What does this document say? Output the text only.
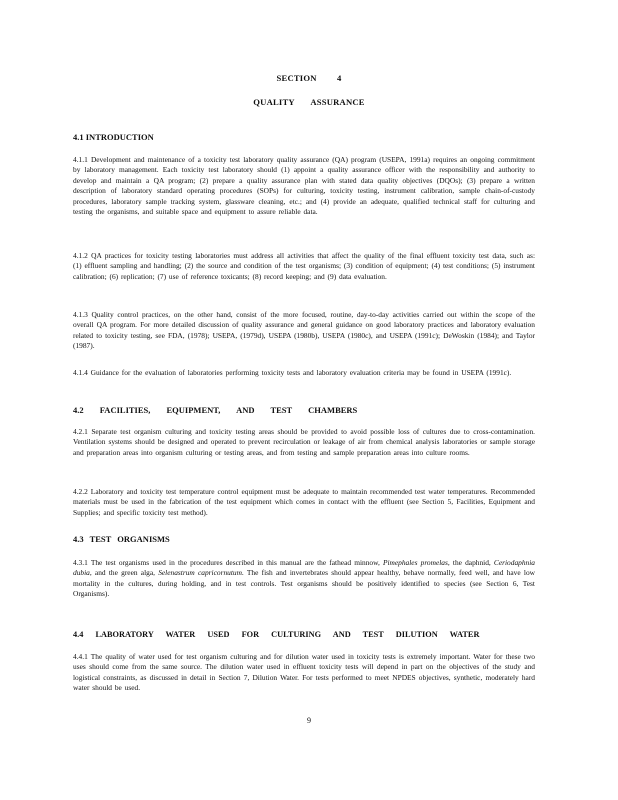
SECTION 4
QUALITY ASSURANCE
4.1 INTRODUCTION
4.1.1 Development and maintenance of a toxicity test laboratory quality assurance (QA) program (USEPA, 1991a) requires an ongoing commitment by laboratory management. Each toxicity test laboratory should (1) appoint a quality assurance officer with the responsibility and authority to develop and maintain a QA program; (2) prepare a quality assurance plan with stated data quality objectives (DQOs); (3) prepare a written description of laboratory standard operating procedures (SOPs) for culturing, toxicity testing, instrument calibration, sample chain-of-custody procedures, laboratory sample tracking system, glassware cleaning, etc.; and (4) provide an adequate, qualified technical staff for culturing and testing the organisms, and suitable space and equipment to assure reliable data.
4.1.2 QA practices for toxicity testing laboratories must address all activities that affect the quality of the final effluent toxicity test data, such as: (1) effluent sampling and handling; (2) the source and condition of the test organisms; (3) condition of equipment; (4) test conditions; (5) instrument calibration; (6) replication; (7) use of reference toxicants; (8) record keeping; and (9) data evaluation.
4.1.3 Quality control practices, on the other hand, consist of the more focused, routine, day-to-day activities carried out within the scope of the overall QA program. For more detailed discussion of quality assurance and general guidance on good laboratory practices and laboratory evaluation related to toxicity testing, see FDA, (1978); USEPA, (1979d), USEPA (1980b), USEPA (1980c), and USEPA (1991c); DeWoskin (1984); and Taylor (1987).
4.1.4 Guidance for the evaluation of laboratories performing toxicity tests and laboratory evaluation criteria may be found in USEPA (1991c).
4.2 FACILITIES, EQUIPMENT, AND TEST CHAMBERS
4.2.1 Separate test organism culturing and toxicity testing areas should be provided to avoid possible loss of cultures due to cross-contamination. Ventilation systems should be designed and operated to prevent recirculation or leakage of air from chemical analysis laboratories or sample storage and preparation areas into organism culturing or testing areas, and from testing and sample preparation areas into culture rooms.
4.2.2 Laboratory and toxicity test temperature control equipment must be adequate to maintain recommended test water temperatures. Recommended materials must be used in the fabrication of the test equipment which comes in contact with the effluent (see Section 5, Facilities, Equipment and Supplies; and specific toxicity test method).
4.3 TEST ORGANISMS
4.3.1 The test organisms used in the procedures described in this manual are the fathead minnow, Pimephales promelas, the daphnid, Ceriodaphnia dubia, and the green alga, Selenastrum capricornutum. The fish and invertebrates should appear healthy, behave normally, feed well, and have low mortality in the cultures, during holding, and in test controls. Test organisms should be positively identified to species (see Section 6, Test Organisms).
4.4 LABORATORY WATER USED FOR CULTURING AND TEST DILUTION WATER
4.4.1 The quality of water used for test organism culturing and for dilution water used in toxicity tests is extremely important. Water for these two uses should come from the same source. The dilution water used in effluent toxicity tests will depend in part on the objectives of the study and logistical constraints, as discussed in detail in Section 7, Dilution Water. For tests performed to meet NPDES objectives, synthetic, moderately hard water should be used.
9
